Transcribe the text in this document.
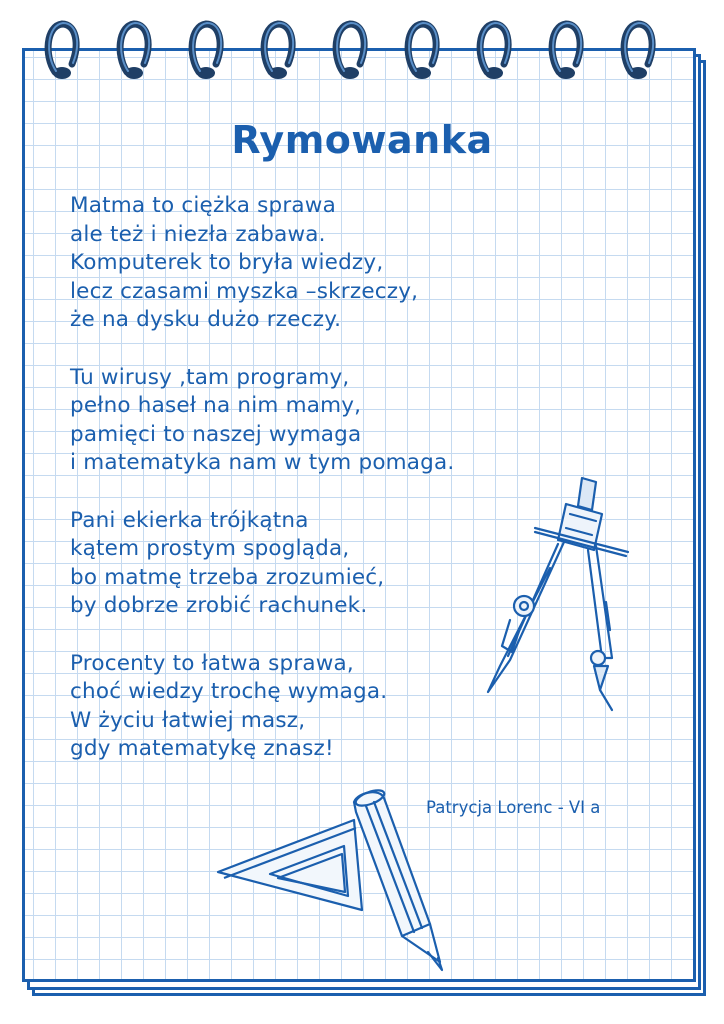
Rymowanka
Matma to ciężka sprawa
ale też i niezła zabawa.
Komputerek to bryła wiedzy,
lecz czasami myszka –skrzeczy,
że na dysku dużo rzeczy.
Tu wirusy ,tam programy,
pełno haseł na nim mamy,
pamięci to naszej wymaga
i matematyka nam w tym pomaga.
Pani ekierka trójkątna
kątem prostym spogląda,
bo matmę trzeba zrozumieć,
by dobrze zrobić rachunek.
Procenty to łatwa sprawa,
choć wiedzy trochę wymaga.
W życiu łatwiej masz,
gdy matematykę znasz!
Patrycja Lorenc - VI a
